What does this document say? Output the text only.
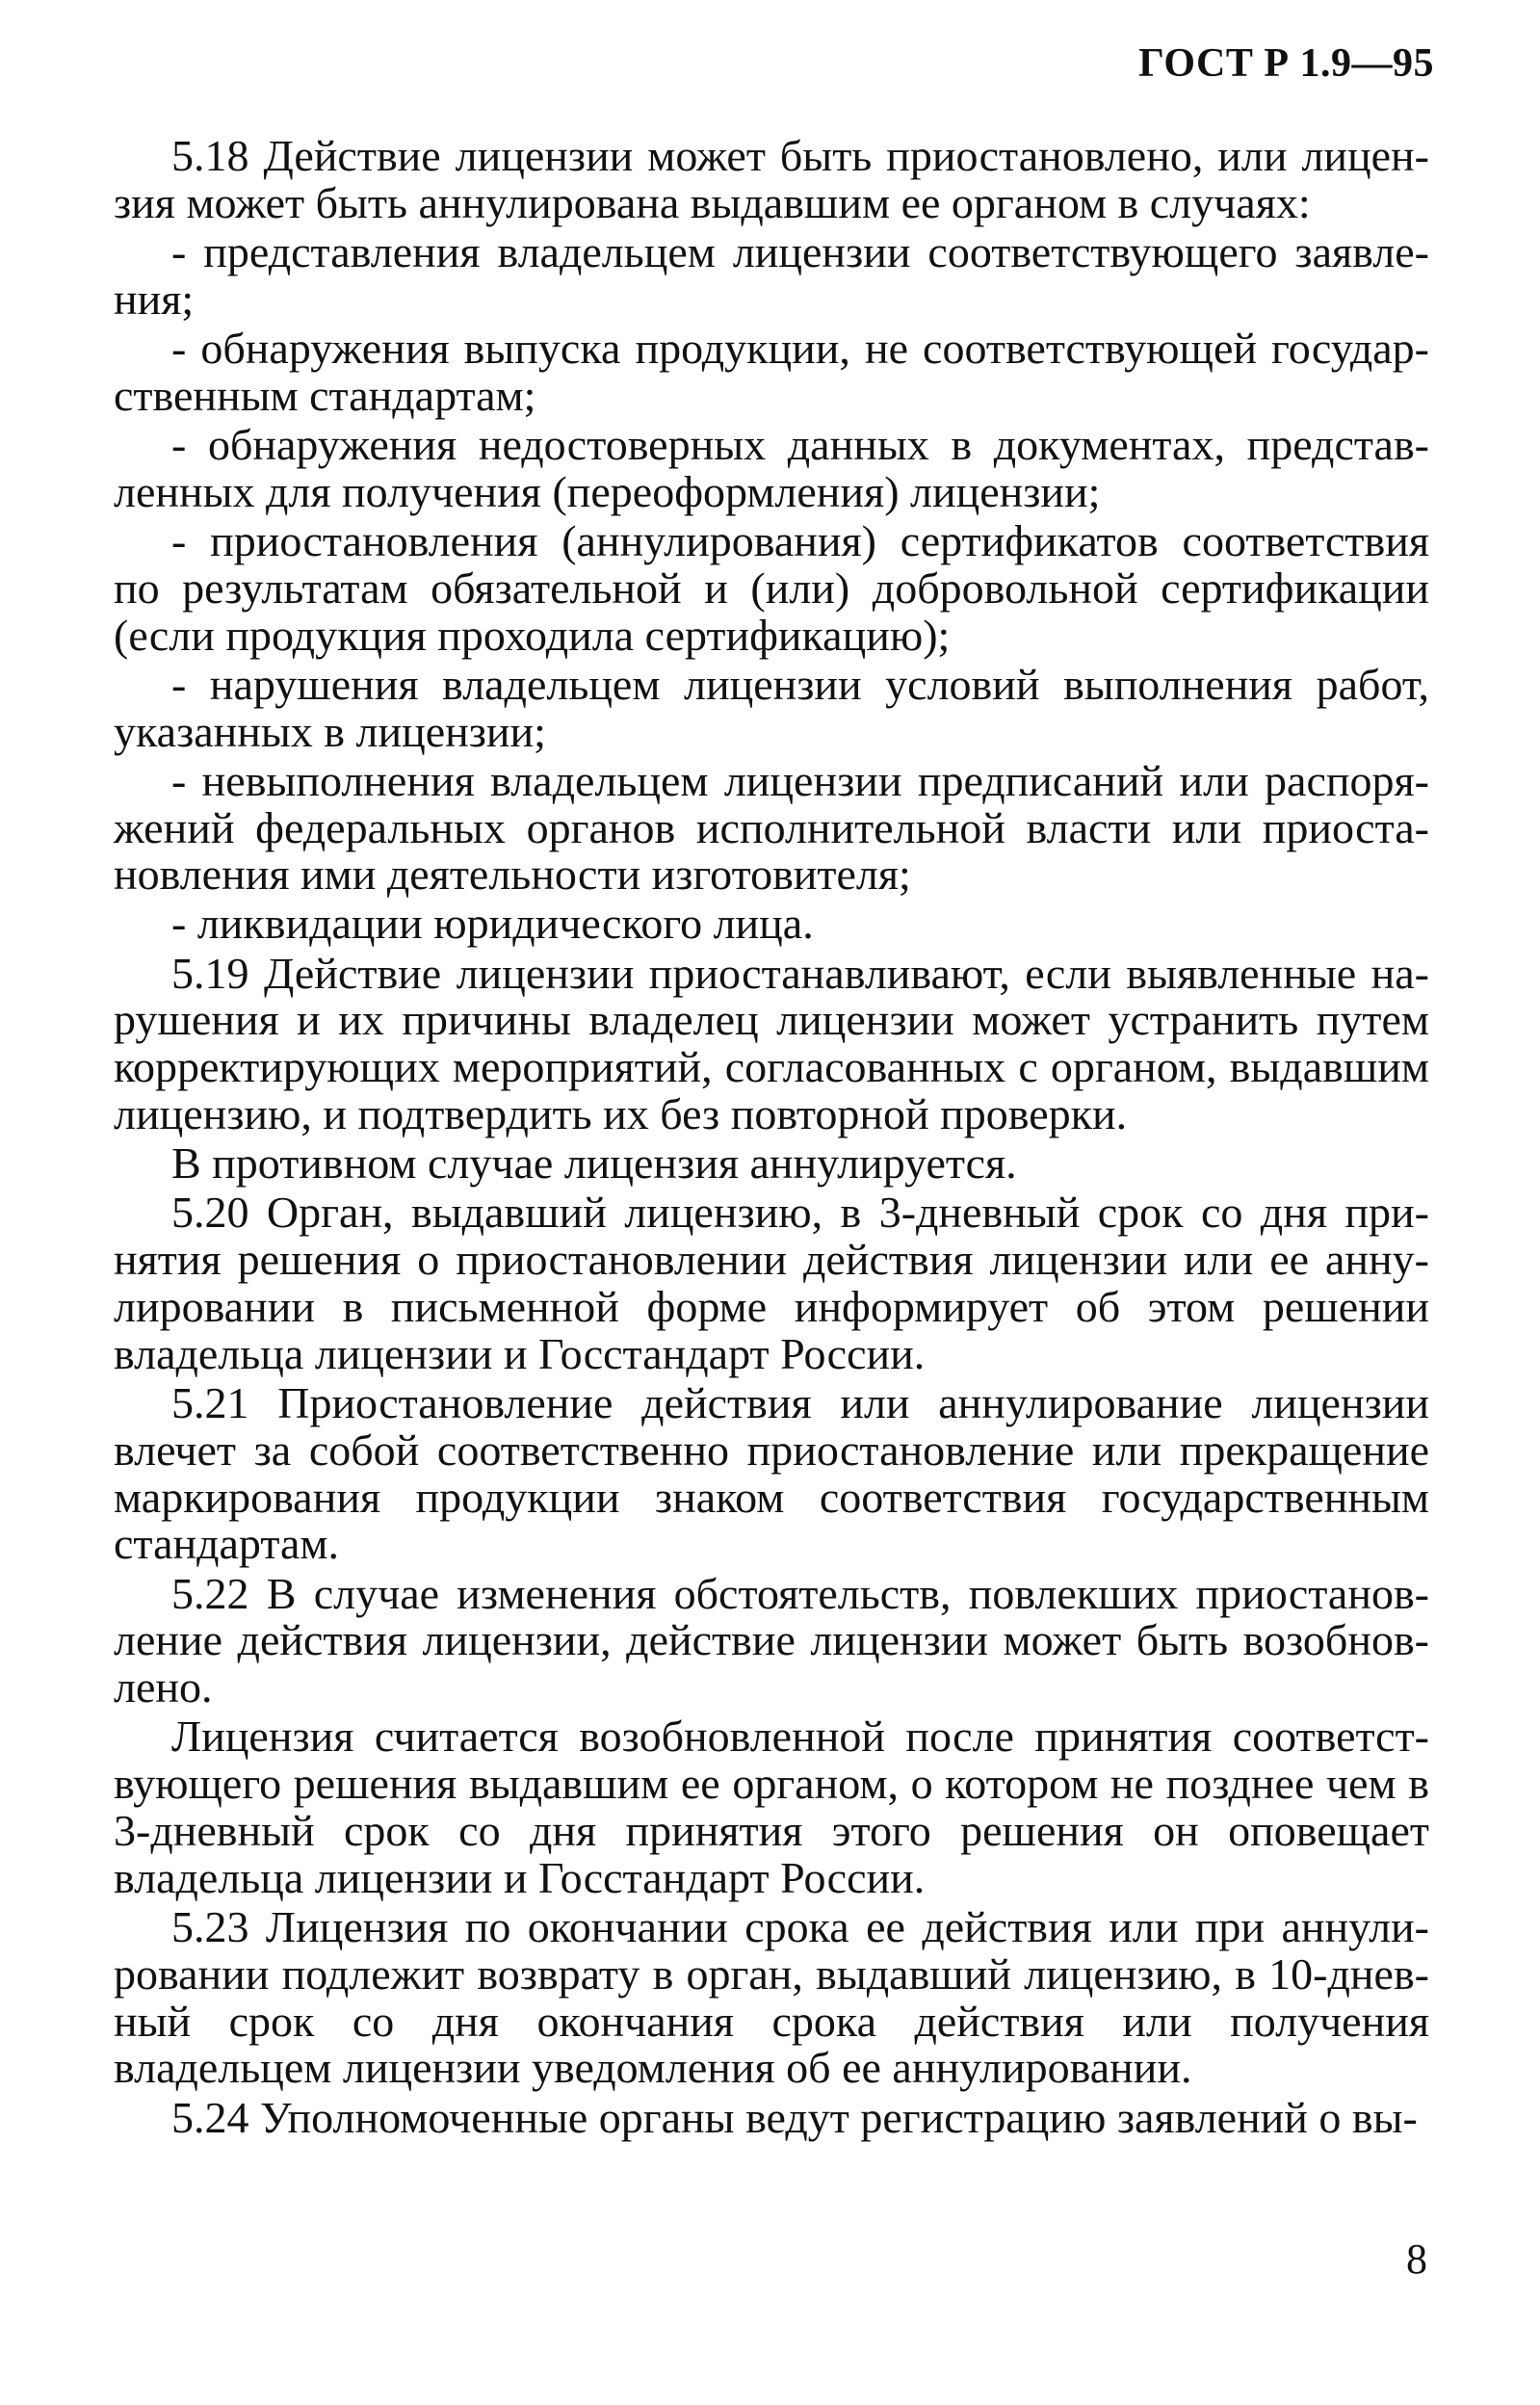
ГОСТ Р 1.9—95

5.18 Действие лицензии может быть приостановлено, или лицензия может быть аннулирована выдавшим ее органом в случаях:

- представления владельцем лицензии соответствующего заявления;

- обнаружения выпуска продукции, не соответствующей государственным стандартам;

- обнаружения недостоверных данных в документах, представленных для получения (переоформления) лицензии;

- приостановления (аннулирования) сертификатов соответствия по результатам обязательной и (или) добровольной сертификации (если продукция проходила сертификацию);

- нарушения владельцем лицензии условий выполнения работ, указанных в лицензии;

- невыполнения владельцем лицензии предписаний или распоряжений федеральных органов исполнительной власти или приостановления ими деятельности изготовителя;

- ликвидации юридического лица.

5.19 Действие лицензии приостанавливают, если выявленные нарушения и их причины владелец лицензии может устранить путем корректирующих мероприятий, согласованных с органом, выдавшим лицензию, и подтвердить их без повторной проверки.

В противном случае лицензия аннулируется.

5.20 Орган, выдавший лицензию, в 3-дневный срок со дня принятия решения о приостановлении действия лицензии или ее аннулировании в письменной форме информирует об этом решении владельца лицензии и Госстандарт России.

5.21 Приостановление действия или аннулирование лицензии влечет за собой соответственно приостановление или прекращение маркирования продукции знаком соответствия государственным стандартам.

5.22 В случае изменения обстоятельств, повлекших приостановление действия лицензии, действие лицензии может быть возобновлено.

Лицензия считается возобновленной после принятия соответствующего решения выдавшим ее органом, о котором не позднее чем в 3-дневный срок со дня принятия этого решения он оповещает владельца лицензии и Госстандарт России.

5.23 Лицензия по окончании срока ее действия или при аннулировании подлежит возврату в орган, выдавший лицензию, в 10-дневный срок со дня окончания срока действия или получения владельцем лицензии уведомления об ее аннулировании.

5.24 Уполномоченные органы ведут регистрацию заявлений о вы-

8
